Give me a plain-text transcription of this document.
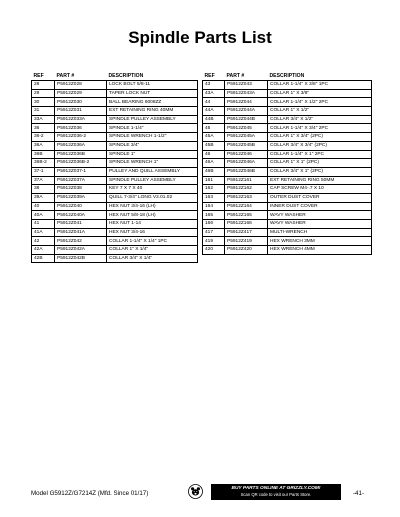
Spindle Parts List
REF	PART #	DESCRIPTION
28	P5912Z028	LOCK BOLT 5/8-11
29	P5912Z029	TAPER LOCK NUT
30	P5912Z030	BALL BEARING 6008ZZ
31	P5912Z031	EXT RETAINING RING 40MM
33A	P5912Z033A	SPINDLE PULLEY ASSEMBLY
36	P5912Z036	SPINDLE 1-1/4"
36-2	P5912Z036-2	SPINDLE WRENCH 1-1/2"
36A	P5912Z036A	SPINDLE 3/4"
36B	P5912Z036B	SPINDLE 1"
36B-2	P5912Z036B-2	SPINDLE WRENCH 1"
37-1	P5912Z037-1	PULLEY AND QUILL ASSEMBLY
37A	P5912Z037A	SPINDLE PULLEY ASSEMBLY
38	P5912Z038	KEY 7 X 7 X 40
39A	P5912Z039A	QUILL 7-3/4" LONG V2.01.02
40	P5912Z040	HEX NUT 3/4-16 (LH)
40A	P5912Z040A	HEX NUT 5/8-18 (LH)
41	P5912Z041	HEX NUT 1-14
41A	P5912Z041A	HEX NUT 3/4-16
42	P5912Z042	COLLAR 1-1/4" X 1/4" 1PC
42A	P5912Z042A	COLLAR 1" X 1/4"
42B	P5912Z042B	COLLAR 3/4" X 1/4"
REF	PART #	DESCRIPTION
43	P5912Z043	COLLAR 1-1/4" X 3/8" 1PC
43A	P5912Z043A	COLLAR 1" X 3/8"
44	P5912Z044	COLLAR 1-1/4" X 1/2" 2PC
44A	P5912Z044A	COLLAR 1" X 1/2"
44B	P5912Z044B	COLLAR 3/4" X 1/2"
45	P5912Z045	COLLAR 1-1/4" X 3/4" 2PC
45A	P5912Z045A	COLLAR 1" X 3/4" (2PC)
45B	P5912Z045B	COLLAR 3/4" X 3/4" (2PC)
46	P5912Z046	COLLAR 1-1/4" X 1" 2PC
46A	P5912Z046A	COLLAR 1" X 1" (2PC)
46B	P5912Z046B	COLLAR 3/4" X 1" (2PC)
161	P5912Z161	EXT RETAINING RING 50MM
162	P5912Z162	CAP SCREW M4-.7 X 10
163	P5912Z163	OUTER DUST COVER
164	P5912Z164	INNER DUST COVER
165	P5912Z165	WAVY WASHER
166	P5912Z166	WAVY WASHER
417	P5912Z417	MULTI-WRENCH
419	P5912Z419	HEX WRENCH 3MM
420	P5912Z420	HEX WRENCH 4MM
Model G5912Z/G7214Z (Mfd. Since 01/17)
BUY PARTS ONLINE AT GRIZZLY.COM!
Scan QR code to visit our Parts Store.	-41-
